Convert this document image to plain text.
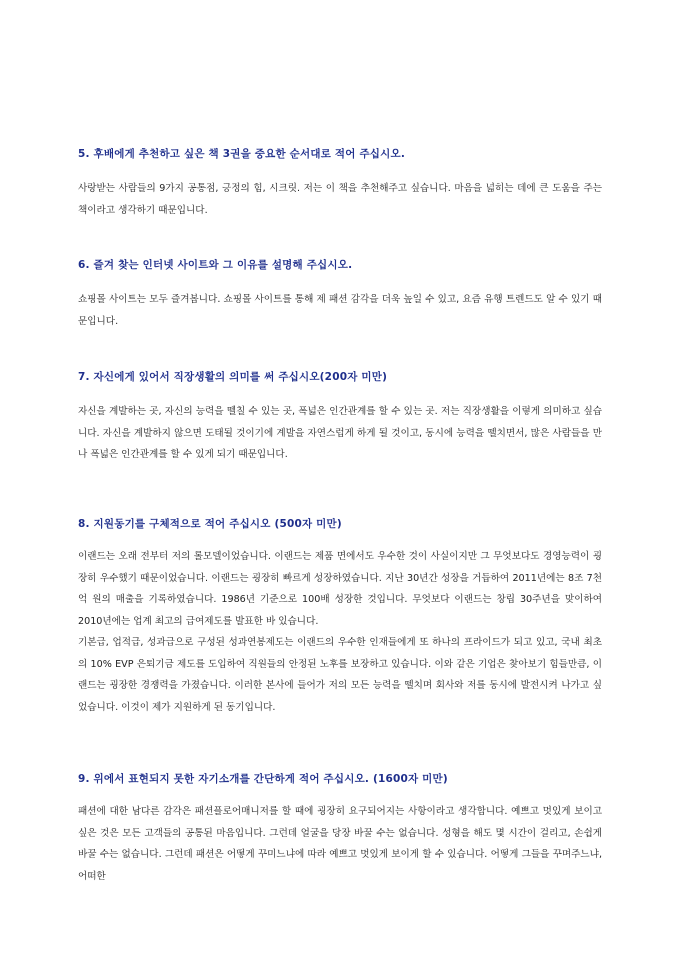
5. 후배에게 추천하고 싶은 책 3권을 중요한 순서대로 적어 주십시오.

사랑받는 사람들의 9가지 공통점, 긍정의 힘, 시크릿. 저는 이 책을 추천해주고 싶습니다. 마음을 넓히는 데에 큰 도움을 주는 책이라고 생각하기 때문입니다.

6. 즐겨 찾는 인터넷 사이트와 그 이유를 설명해 주십시오.

쇼핑몰 사이트는 모두 즐겨봅니다. 쇼핑몰 사이트를 통해 제 패션 감각을 더욱 높일 수 있고, 요즘 유행 트렌드도 알 수 있기 때문입니다.

7. 자신에게 있어서 직장생활의 의미를 써 주십시오(200자 미만)

자신을 계발하는 곳, 자신의 능력을 뗄칠 수 있는 곳, 폭넓은 인간관계를 할 수 있는 곳. 저는 직장생활을 이렇게 의미하고 싶습니다. 자신을 계발하지 않으면 도태될 것이기에 계발을 자연스럽게 하게 될 것이고, 동시에 능력을 뗄치면서, 많은 사람들을 만나 폭넓은 인간관계를 할 수 있게 되기 때문입니다.

8. 지원동기를 구체적으로 적어 주십시오 (500자 미만)

이랜드는 오래 전부터 저의 롤모델이었습니다. 이랜드는 제품 면에서도 우수한 것이 사실이지만 그 무엇보다도 경영능력이 굉장히 우수했기 때문이었습니다. 이랜드는 굉장히 빠르게 성장하였습니다. 지난 30년간 성장을 거듭하여 2011년에는 8조 7천억 원의 매출을 기록하였습니다. 1986년 기준으로 100배 성장한 것입니다. 무엇보다 이랜드는 창립 30주년을 맞이하여 2010년에는 업계 최고의 급여제도를 발표한 바 있습니다.

기본급, 업적급, 성과급으로 구성된 성과연봉제도는 이랜드의 우수한 인재들에게 또 하나의 프라이드가 되고 있고, 국내 최초의 10% EVP 은퇴기금 제도를 도입하여 직원들의 안정된 노후를 보장하고 있습니다. 이와 같은 기업은 찾아보기 힘들만큼, 이랜드는 굉장한 경쟁력을 가졌습니다. 이러한 본사에 들어가 저의 모든 능력을 뗄치며 회사와 저를 동시에 발전시켜 나가고 싶었습니다. 이것이 제가 지원하게 된 동기입니다.

9. 위에서 표현되지 못한 자기소개를 간단하게 적어 주십시오. (1600자 미만)

패션에 대한 남다른 감각은 패션플로어매니저를 할 때에 굉장히 요구되어지는 사항이라고 생각합니다. 예쁘고 멋있게 보이고 싶은 것은 모든 고객들의 공통된 마음입니다. 그런데 얼굴을 당장 바꿀 수는 없습니다. 성형을 해도 몇 시간이 걸리고, 손쉽게 바꿀 수는 없습니다. 그런데 패션은 어떻게 꾸미느냐에 따라 예쁘고 멋있게 보이게 할 수 있습니다. 어떻게 그들을 꾸며주느냐, 어떠한
